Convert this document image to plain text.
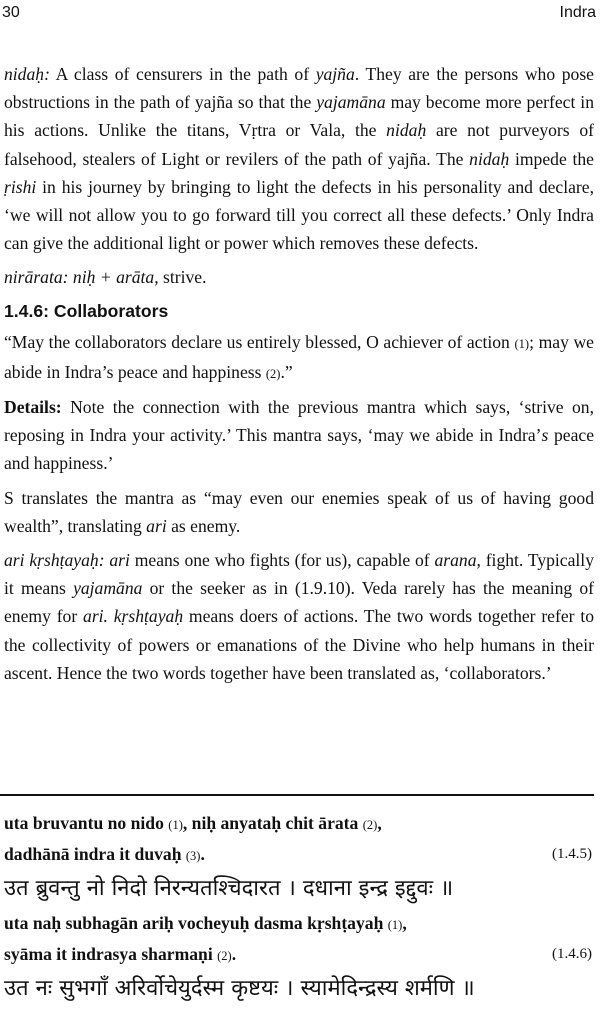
30	Indra

nidaḥ: A class of censurers in the path of yajña. They are the persons who pose obstructions in the path of yajña so that the yajamāna may become more perfect in his actions. Unlike the titans, Vṛtra or Vala, the nidaḥ are not purveyors of falsehood, stealers of Light or revilers of the path of yajña. The nidaḥ impede the ṛishi in his journey by bringing to light the defects in his personality and declare, ‘we will not allow you to go forward till you correct all these defects.’ Only Indra can give the additional light or power which removes these defects.

nirārata: niḥ + arāta, strive.

1.4.6: Collaborators

“May the collaborators declare us entirely blessed, O achiever of action (1); may we abide in Indra’s peace and happiness (2).”

Details: Note the connection with the previous mantra which says, ‘strive on, reposing in Indra your activity.’ This mantra says, ‘may we abide in Indra’s peace and happiness.’

S translates the mantra as “may even our enemies speak of us of having good wealth”, translating ari as enemy.

ari kṛshṭayaḥ: ari means one who fights (for us), capable of arana, fight. Typically it means yajamāna or the seeker as in (1.9.10). Veda rarely has the meaning of enemy for ari. kṛshṭayaḥ means doers of actions. The two words together refer to the collectivity of powers or emanations of the Divine who help humans in their ascent. Hence the two words together have been translated as, ‘collaborators.’

uta bruvantu no nido (1), niḥ anyataḥ chit ārata (2),
dadhānā indra it duvaḥ (3).	(1.4.5)
उत ब्रुवन्तु नो निदो निरन्यतश्चिदारत । दधाना इन्द्र इद्दुवः ॥
uta naḥ subhagān ariḥ vocheyuḥ dasma kṛshṭayaḥ (1),
syāma it indrasya sharmaṇi (2).	(1.4.6)
उत नः सुभगाँ अरिर्वोचेयुर्दस्म कृष्टयः । स्यामेदिन्द्रस्य शर्मणि ॥
